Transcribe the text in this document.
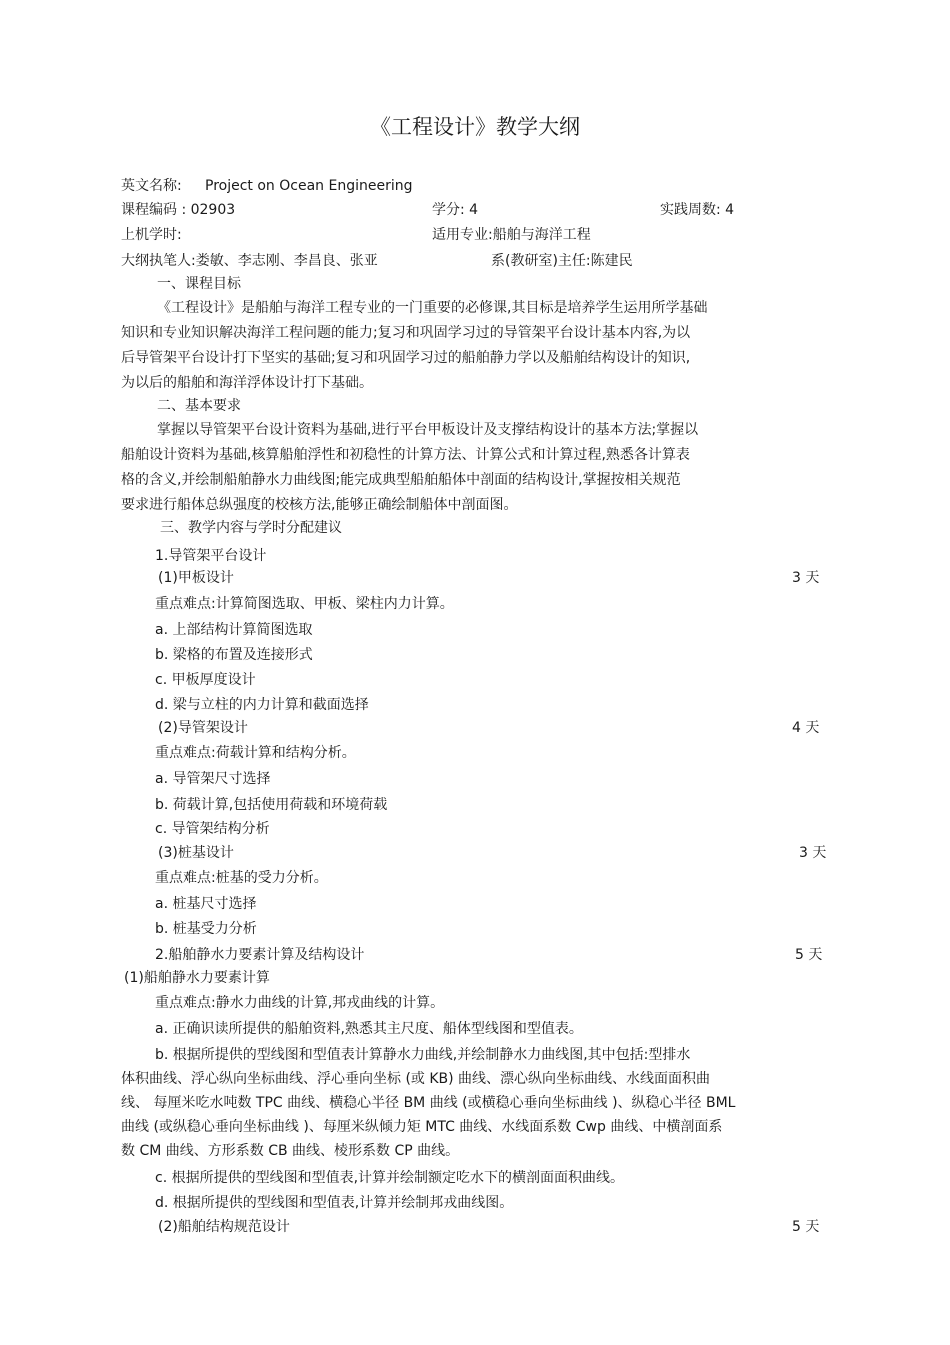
《工程设计》教学大纲
英文名称: Project on Ocean Engineering
课程编码 : 02903	学分: 4	实践周数: 4
上机学时:	适用专业:船舶与海洋工程
大纲执笔人:娄敏、李志刚、李昌良、张亚	系(教研室)主任:陈建民
一、课程目标

《工程设计》是船舶与海洋工程专业的一门重要的必修课,其目标是培养学生运用所学基础

知识和专业知识解决海洋工程问题的能力;复习和巩固学习过的导管架平台设计基本内容,为以

后导管架平台设计打下坚实的基础;复习和巩固学习过的船舶静力学以及船舶结构设计的知识,

为以后的船舶和海洋浮体设计打下基础。

二、基本要求

掌握以导管架平台设计资料为基础,进行平台甲板设计及支撑结构设计的基本方法;掌握以

船舶设计资料为基础,核算船舶浮性和初稳性的计算方法、计算公式和计算过程,熟悉各计算表

格的含义,并绘制船舶静水力曲线图;能完成典型船舶船体中剖面的结构设计,掌握按相关规范

要求进行船体总纵强度的校核方法,能够正确绘制船体中剖面图。

三、教学内容与学时分配建议
1.导管架平台设计
(1)甲板设计	3 天
重点难点:计算简图选取、甲板、梁柱内力计算。
a. 上部结构计算简图选取
b. 梁格的布置及连接形式
c. 甲板厚度设计
d. 梁与立柱的内力计算和截面选择
(2)导管架设计	4 天
重点难点:荷载计算和结构分析。
a. 导管架尺寸选择
b. 荷载计算,包括使用荷载和环境荷载
c. 导管架结构分析
(3)桩基设计	3 天
重点难点:桩基的受力分析。
a. 桩基尺寸选择
b. 桩基受力分析
2.船舶静水力要素计算及结构设计	5 天
(1)船舶静水力要素计算
重点难点:静水力曲线的计算,邦戎曲线的计算。
a. 正确识读所提供的船舶资料,熟悉其主尺度、船体型线图和型值表。

b. 根据所提供的型线图和型值表计算静水力曲线,并绘制静水力曲线图,其中包括:型排水

体积曲线、浮心纵向坐标曲线、浮心垂向坐标 (或 KB) 曲线、漂心纵向坐标曲线、水线面面积曲

线、 每厘米吃水吨数 TPC 曲线、横稳心半径 BM 曲线 (或横稳心垂向坐标曲线 )、纵稳心半径 BML

曲线 (或纵稳心垂向坐标曲线 )、每厘米纵倾力矩 MTC 曲线、水线面系数 Cwp 曲线、中横剖面系

数 CM 曲线、方形系数 CB 曲线、棱形系数 CP 曲线。

c. 根据所提供的型线图和型值表,计算并绘制额定吃水下的横剖面面积曲线。
d. 根据所提供的型线图和型值表,计算并绘制邦戎曲线图。
(2)船舶结构规范设计	5 天
